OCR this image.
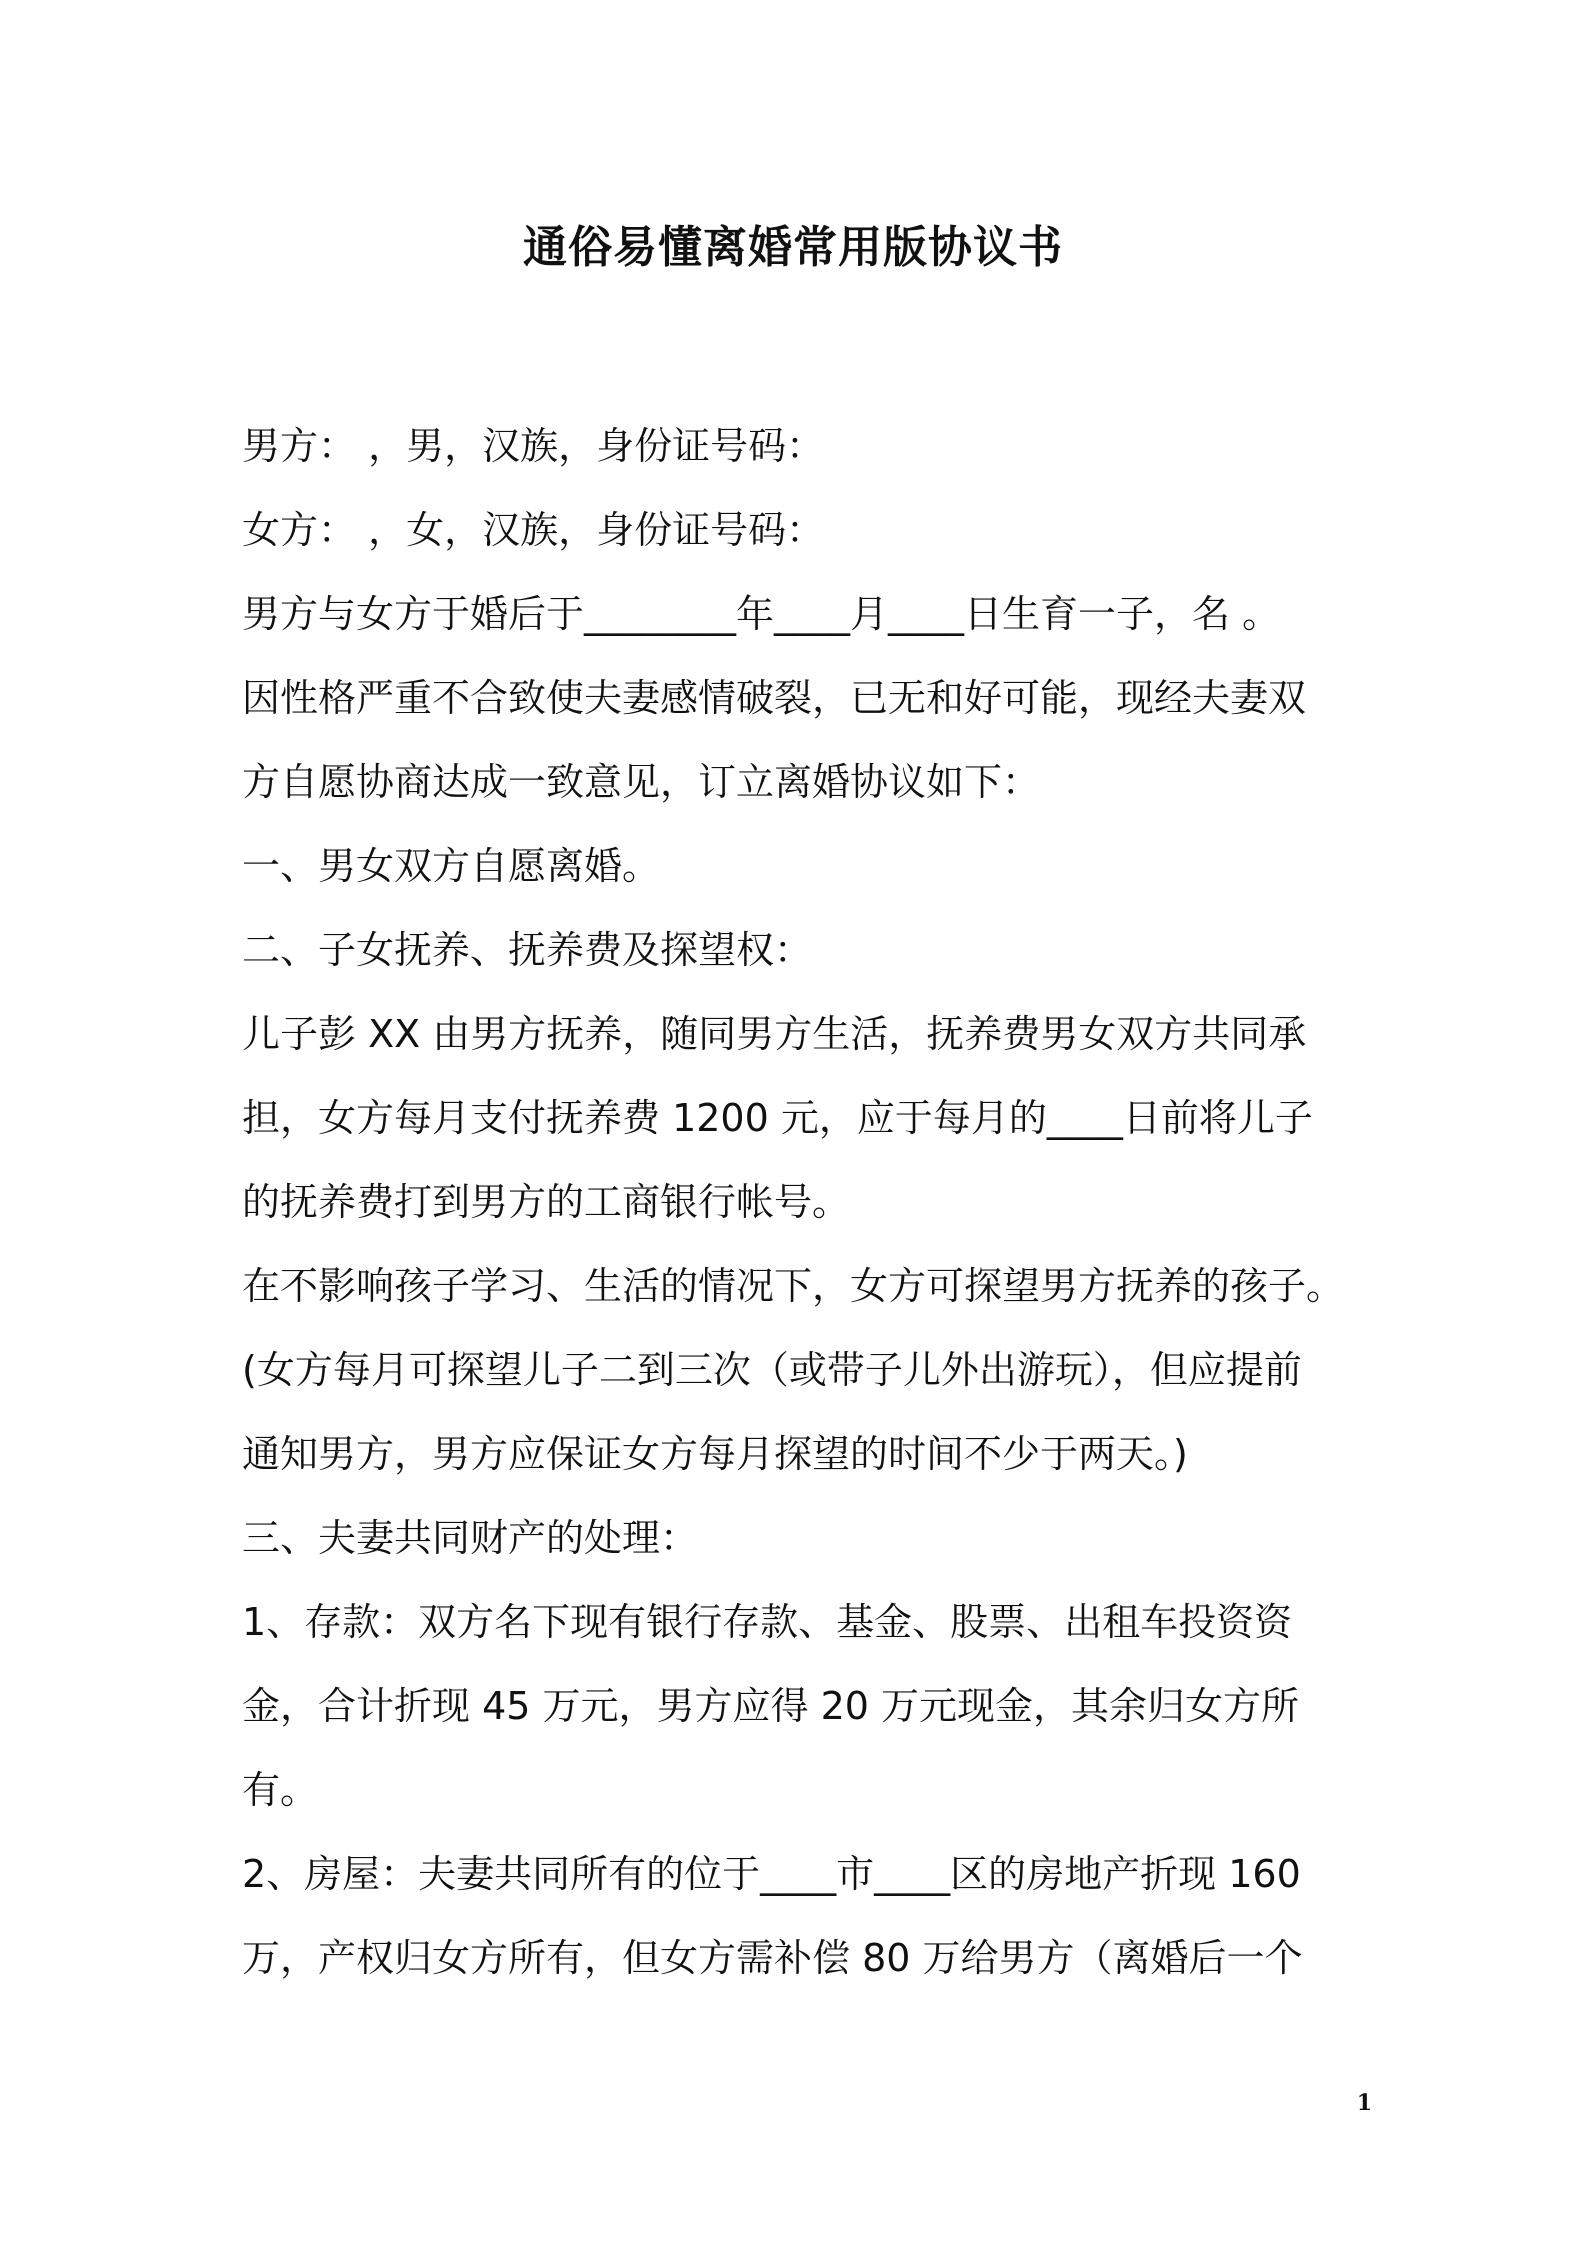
通俗易懂离婚常用版协议书
男方： ，男，汉族，身份证号码：
女方： ，女，汉族，身份证号码：
男方与女方于婚后于________年____月____日生育一子，名 。
因性格严重不合致使夫妻感情破裂，已无和好可能，现经夫妻双
方自愿协商达成一致意见，订立离婚协议如下：
一、男女双方自愿离婚。
二、子女抚养、抚养费及探望权：
儿子彭 XX 由男方抚养，随同男方生活，抚养费男女双方共同承
担，女方每月支付抚养费 1200 元，应于每月的____日前将儿子
的抚养费打到男方的工商银行帐号。
在不影响孩子学习、生活的情况下，女方可探望男方抚养的孩子。
(女方每月可探望儿子二到三次（或带子儿外出游玩），但应提前
通知男方，男方应保证女方每月探望的时间不少于两天。)
三、夫妻共同财产的处理：
1、存款：双方名下现有银行存款、基金、股票、出租车投资资
金，合计折现 45 万元，男方应得 20 万元现金，其余归女方所
有。
2、房屋：夫妻共同所有的位于____市____区的房地产折现 160
万，产权归女方所有，但女方需补偿 80 万给男方（离婚后一个
1
